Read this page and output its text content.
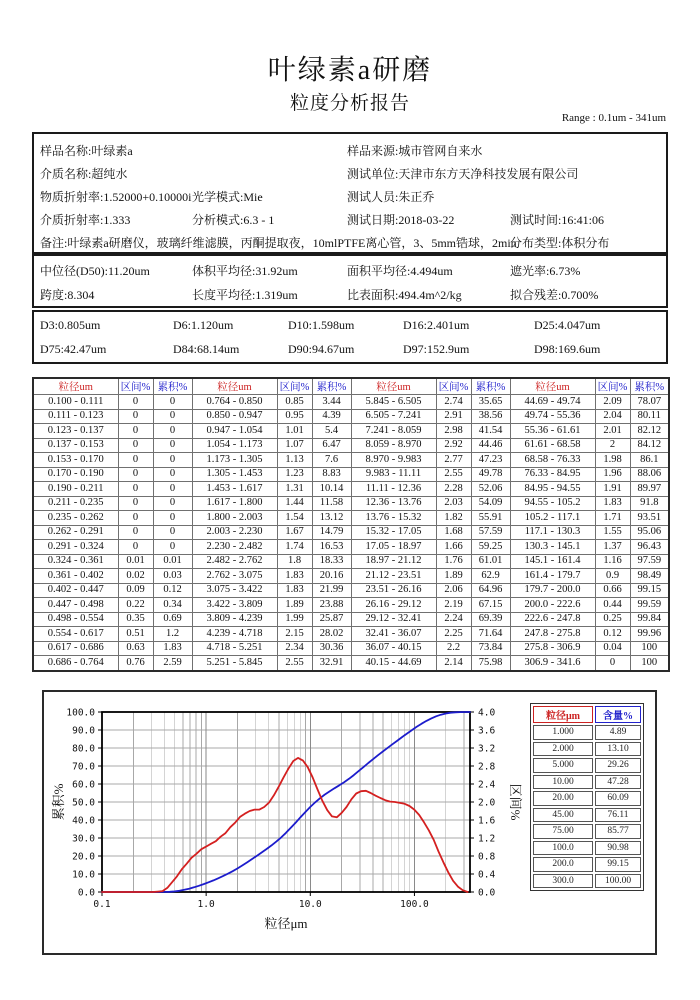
叶绿素a研磨
粒度分析报告
Range : 0.1um - 341um
样品名称:叶绿素a	样品来源:城市管网自来水
介质名称:超纯水	测试单位:天津市东方天净科技发展有限公司
物质折射率:1.52000+0.10000i 光学模式:Mie	测试人员:朱正乔
介质折射率:1.333	分析模式:6.3 - 1	测试日期:2018-03-22	测试时间:16:41:06
备注:叶绿素a研磨仪，玻璃纤维滤膜，丙酮提取夜，10mlPTFE离心管，3、5mm锆球，2min
分布类型:体积分布
中位径(D50):11.20um	体积平均径:31.92um	面积平均径:4.494um	遮光率:6.73%
跨度:8.304	长度平均径:1.319um	比表面积:494.4m^2/kg	拟合残差:0.700%
D3:0.805um	D6:1.120um	D10:1.598um	D16:2.401um	D25:4.047um
D75:42.47um	D84:68.14um	D90:94.67um	D97:152.9um	D98:169.6um
粒径um	区间%	累积%	粒径um	区间%	累积%	粒径um	区间%	累积%	粒径um	区间%	累积%
0.100 - 0.111	0	0	0.764 - 0.850	0.85	3.44	5.845 - 6.505	2.74	35.65	44.69 - 49.74	2.09	78.07
0.111 - 0.123	0	0	0.850 - 0.947	0.95	4.39	6.505 - 7.241	2.91	38.56	49.74 - 55.36	2.04	80.11
0.123 - 0.137	0	0	0.947 - 1.054	1.01	5.4	7.241 - 8.059	2.98	41.54	55.36 - 61.61	2.01	82.12
0.137 - 0.153	0	0	1.054 - 1.173	1.07	6.47	8.059 - 8.970	2.92	44.46	61.61 - 68.58	2	84.12
0.153 - 0.170	0	0	1.173 - 1.305	1.13	7.6	8.970 - 9.983	2.77	47.23	68.58 - 76.33	1.98	86.1
0.170 - 0.190	0	0	1.305 - 1.453	1.23	8.83	9.983 - 11.11	2.55	49.78	76.33 - 84.95	1.96	88.06
0.190 - 0.211	0	0	1.453 - 1.617	1.31	10.14	11.11 - 12.36	2.28	52.06	84.95 - 94.55	1.91	89.97
0.211 - 0.235	0	0	1.617 - 1.800	1.44	11.58	12.36 - 13.76	2.03	54.09	94.55 - 105.2	1.83	91.8
0.235 - 0.262	0	0	1.800 - 2.003	1.54	13.12	13.76 - 15.32	1.82	55.91	105.2 - 117.1	1.71	93.51
0.262 - 0.291	0	0	2.003 - 2.230	1.67	14.79	15.32 - 17.05	1.68	57.59	117.1 - 130.3	1.55	95.06
0.291 - 0.324	0	0	2.230 - 2.482	1.74	16.53	17.05 - 18.97	1.66	59.25	130.3 - 145.1	1.37	96.43
0.324 - 0.361	0.01	0.01	2.482 - 2.762	1.8	18.33	18.97 - 21.12	1.76	61.01	145.1 - 161.4	1.16	97.59
0.361 - 0.402	0.02	0.03	2.762 - 3.075	1.83	20.16	21.12 - 23.51	1.89	62.9	161.4 - 179.7	0.9	98.49
0.402 - 0.447	0.09	0.12	3.075 - 3.422	1.83	21.99	23.51 - 26.16	2.06	64.96	179.7 - 200.0	0.66	99.15
0.447 - 0.498	0.22	0.34	3.422 - 3.809	1.89	23.88	26.16 - 29.12	2.19	67.15	200.0 - 222.6	0.44	99.59
0.498 - 0.554	0.35	0.69	3.809 - 4.239	1.99	25.87	29.12 - 32.41	2.24	69.39	222.6 - 247.8	0.25	99.84
0.554 - 0.617	0.51	1.2	4.239 - 4.718	2.15	28.02	32.41 - 36.07	2.25	71.64	247.8 - 275.8	0.12	99.96
0.617 - 0.686	0.63	1.83	4.718 - 5.251	2.34	30.36	36.07 - 40.15	2.2	73.84	275.8 - 306.9	0.04	100
0.686 - 0.764	0.76	2.59	5.251 - 5.845	2.55	32.91	40.15 - 44.69	2.14	75.98	306.9 - 341.6	0	100
0.0
10.0
20.0
30.0
40.0
50.0
60.0
70.0
80.0
90.0
100.0
0.0
0.4
0.8
1.2
1.6
2.0
2.4
2.8
3.2
3.6
4.0
0.1	1.0	10.0	100.0
累积%	区间%
粒径μm
粒径μm	含量%
1.000	4.89
2.000	13.10
5.000	29.26
10.00	47.28
20.00	60.09
45.00	76.11
75.00	85.77
100.0	90.98
200.0	99.15
300.0	100.00
